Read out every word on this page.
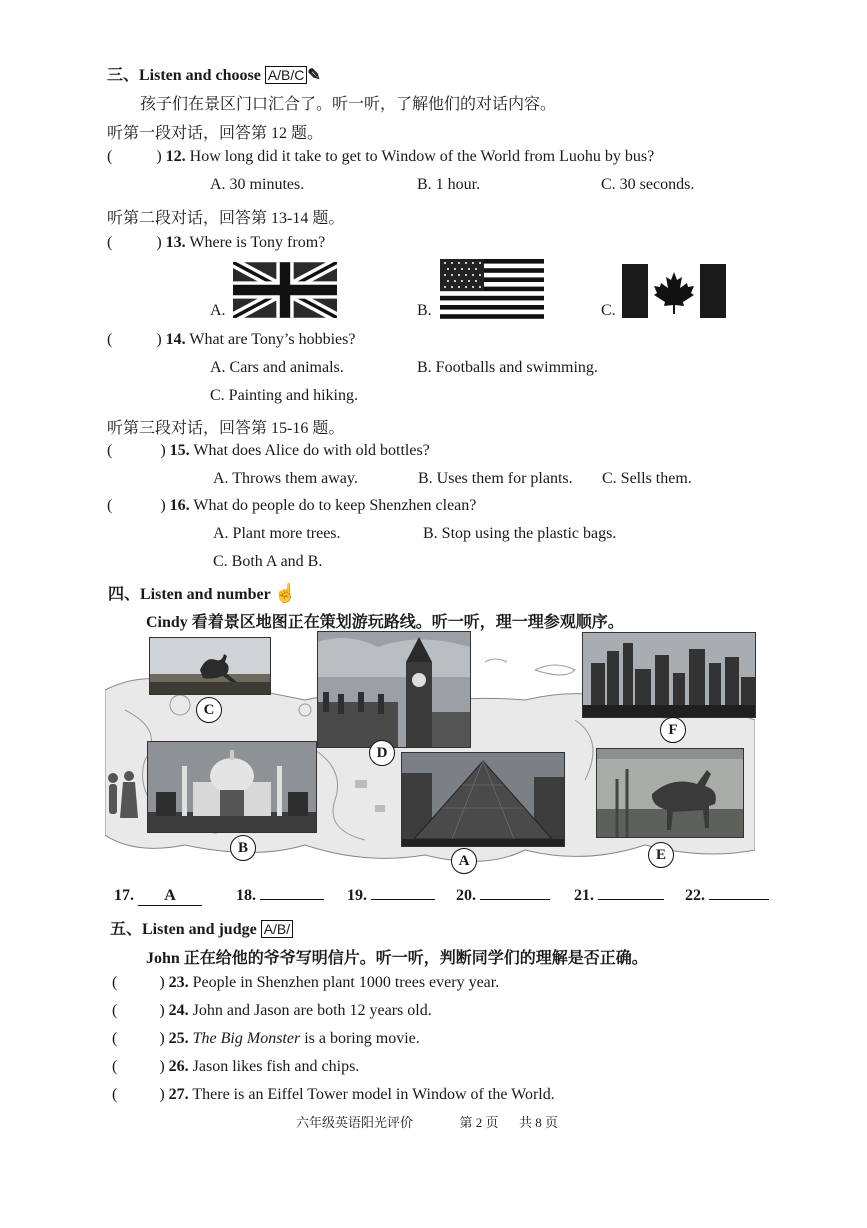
三、Listen and choose A/B/C ✎
孩子们在景区门口汇合了。听一听，了解他们的对话内容。
听第一段对话，回答第 12 题。
(	) 12. How long did it take to get to Window of the World from Luohu by bus?
A. 30 minutes.	B. 1 hour.	C. 30 seconds.
听第二段对话，回答第 13-14 题。
(	) 13. Where is Tony from?
A.	B.	C.
(	) 14. What are Tony’s hobbies?
A. Cars and animals.	B. Footballs and swimming.
C. Painting and hiking.
听第三段对话，回答第 15-16 题。
(	) 15. What does Alice do with old bottles?
A. Throws them away.	B. Uses them for plants. C. Sells them.
(	) 16. What do people do to keep Shenzhen clean?
A. Plant more trees.	B. Stop using the plastic bags.
C. Both A and B.
四、Listen and number ☝
Cindy 看着景区地图正在策划游玩路线。听一听，理一理参观顺序。
C
D
F
B
A	E
17. A	18.	19.	20.	21.	22.
五、Listen and judge A/B/
John 正在给他的爷爷写明信片。听一听，判断同学们的理解是否正确。
(	) 23. People in Shenzhen plant 1000 trees every year.
(	) 24. John and Jason are both 12 years old.
(	) 25. The Big Monster is a boring movie.
(	) 26. Jason likes fish and chips.
(	) 27. There is an Eiffel Tower model in Window of the World.
六年级英语阳光评价	第 2 页 共 8 页
